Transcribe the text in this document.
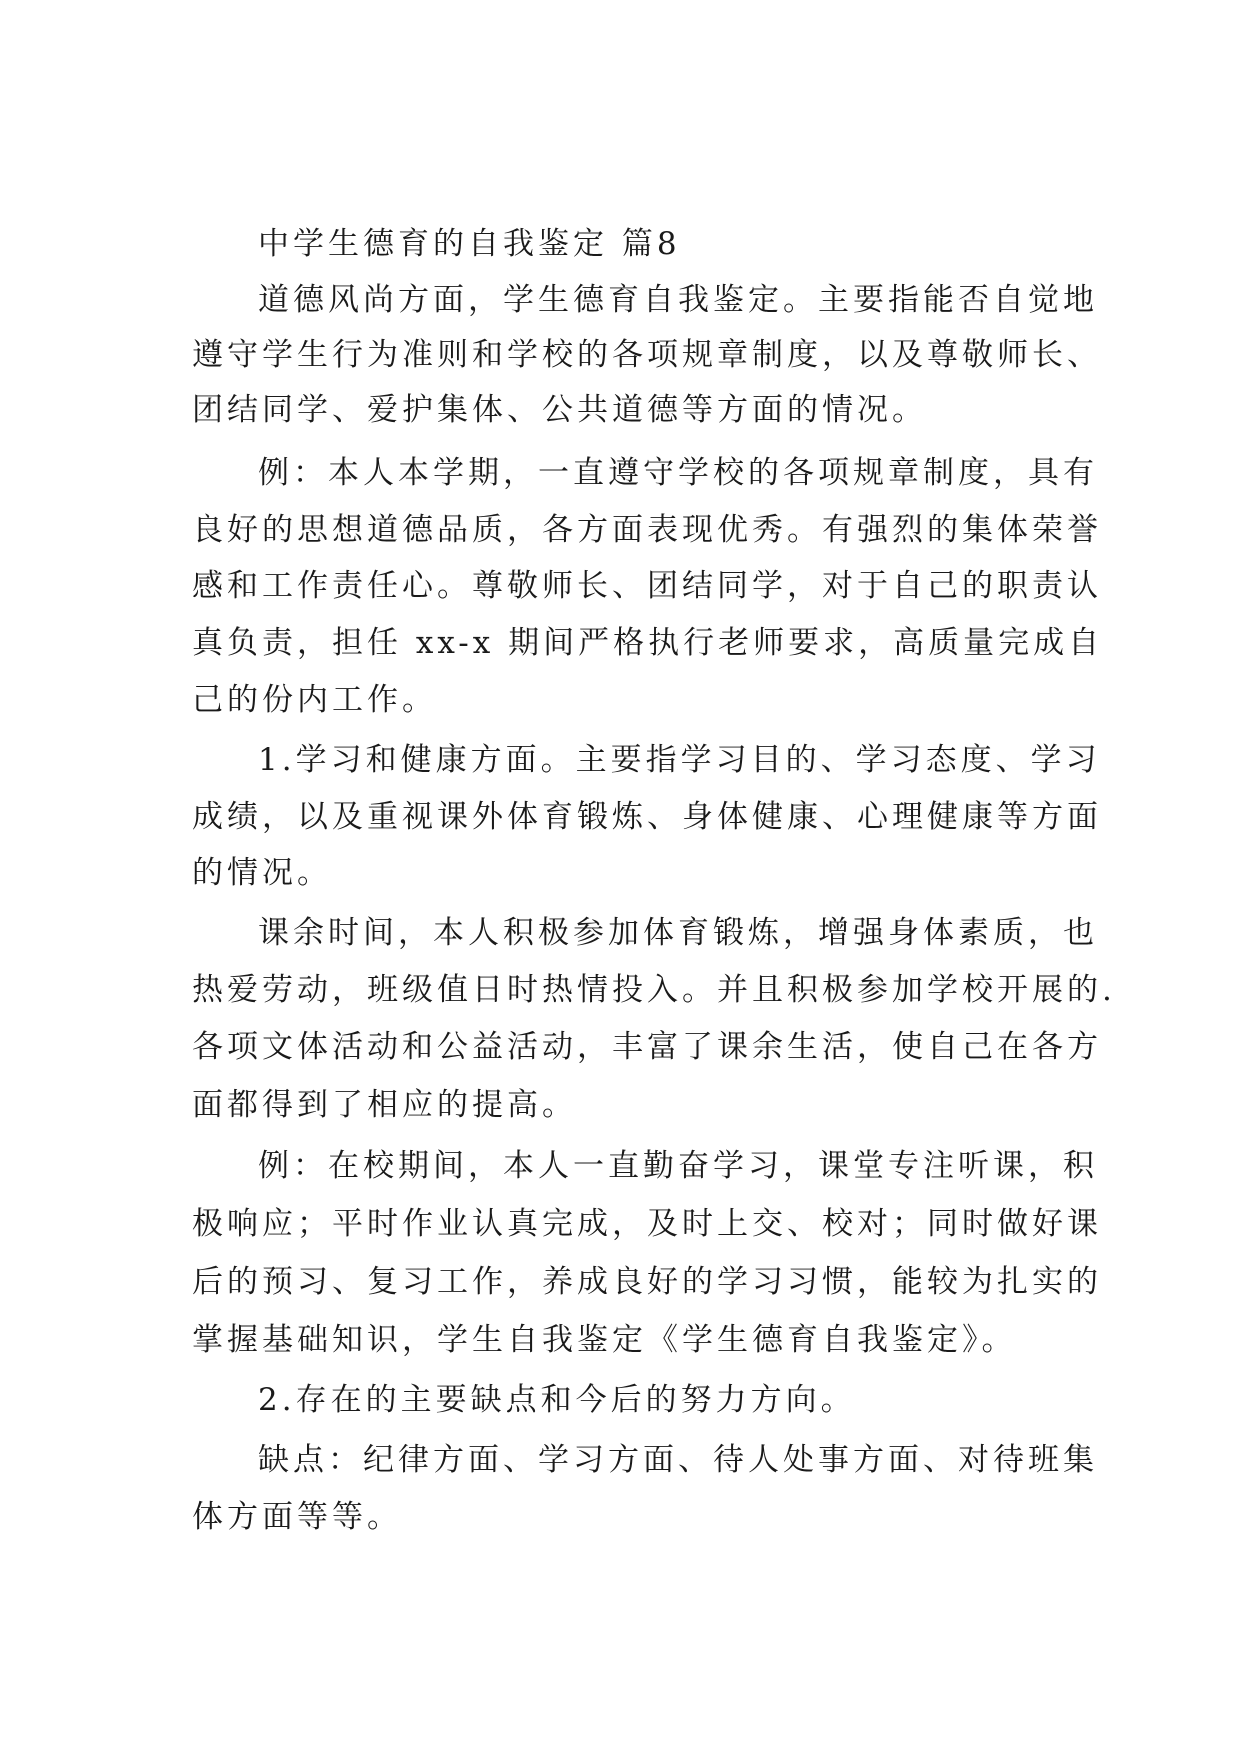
中学生德育的自我鉴定 篇8
道德风尚方面，学生德育自我鉴定。主要指能否自觉地
遵守学生行为准则和学校的各项规章制度，以及尊敬师长、
团结同学、爱护集体、公共道德等方面的情况。
例：本人本学期，一直遵守学校的各项规章制度，具有
良好的思想道德品质，各方面表现优秀。有强烈的集体荣誉
感和工作责任心。尊敬师长、团结同学，对于自己的职责认
真负责，担任 xx-x 期间严格执行老师要求，高质量完成自
己的份内工作。
1.学习和健康方面。主要指学习目的、学习态度、学习
成绩，以及重视课外体育锻炼、身体健康、心理健康等方面
的情况。
课余时间，本人积极参加体育锻炼，增强身体素质，也
热爱劳动，班级值日时热情投入。并且积极参加学校开展的.
各项文体活动和公益活动，丰富了课余生活，使自己在各方
面都得到了相应的提高。
例：在校期间，本人一直勤奋学习，课堂专注听课，积
极响应；平时作业认真完成，及时上交、校对；同时做好课
后的预习、复习工作，养成良好的学习习惯，能较为扎实的
掌握基础知识，学生自我鉴定《学生德育自我鉴定》。
2.存在的主要缺点和今后的努力方向。
缺点：纪律方面、学习方面、待人处事方面、对待班集
体方面等等。
